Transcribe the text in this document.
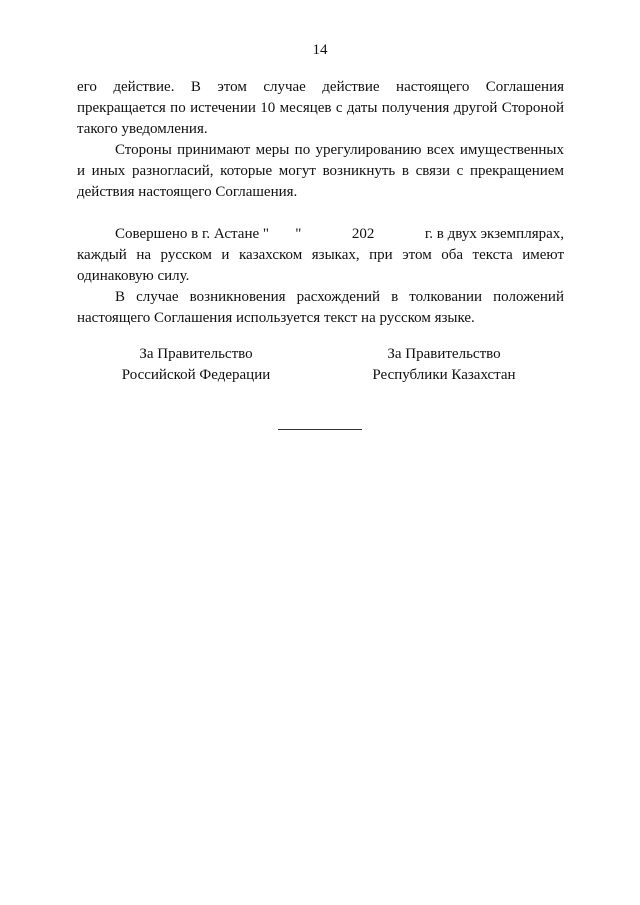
14

его действие. В этом случае действие настоящего Соглашения
прекращается по истечении 10 месяцев с даты получения другой Стороной
такого уведомления.

Стороны принимают меры по урегулированию всех имущественных
и иных разногласий, которые могут возникнуть в связи с прекращением
действия настоящего Соглашения.

Совершено в г. Астане "       "	202	г. в двух экземплярах,
каждый на русском и казахском языках, при этом оба текста имеют
одинаковую силу.

В случае возникновения расхождений в толковании положений
настоящего Соглашения используется текст на русском языке.

За Правительство
Российской Федерации
За Правительство
Республики Казахстан
